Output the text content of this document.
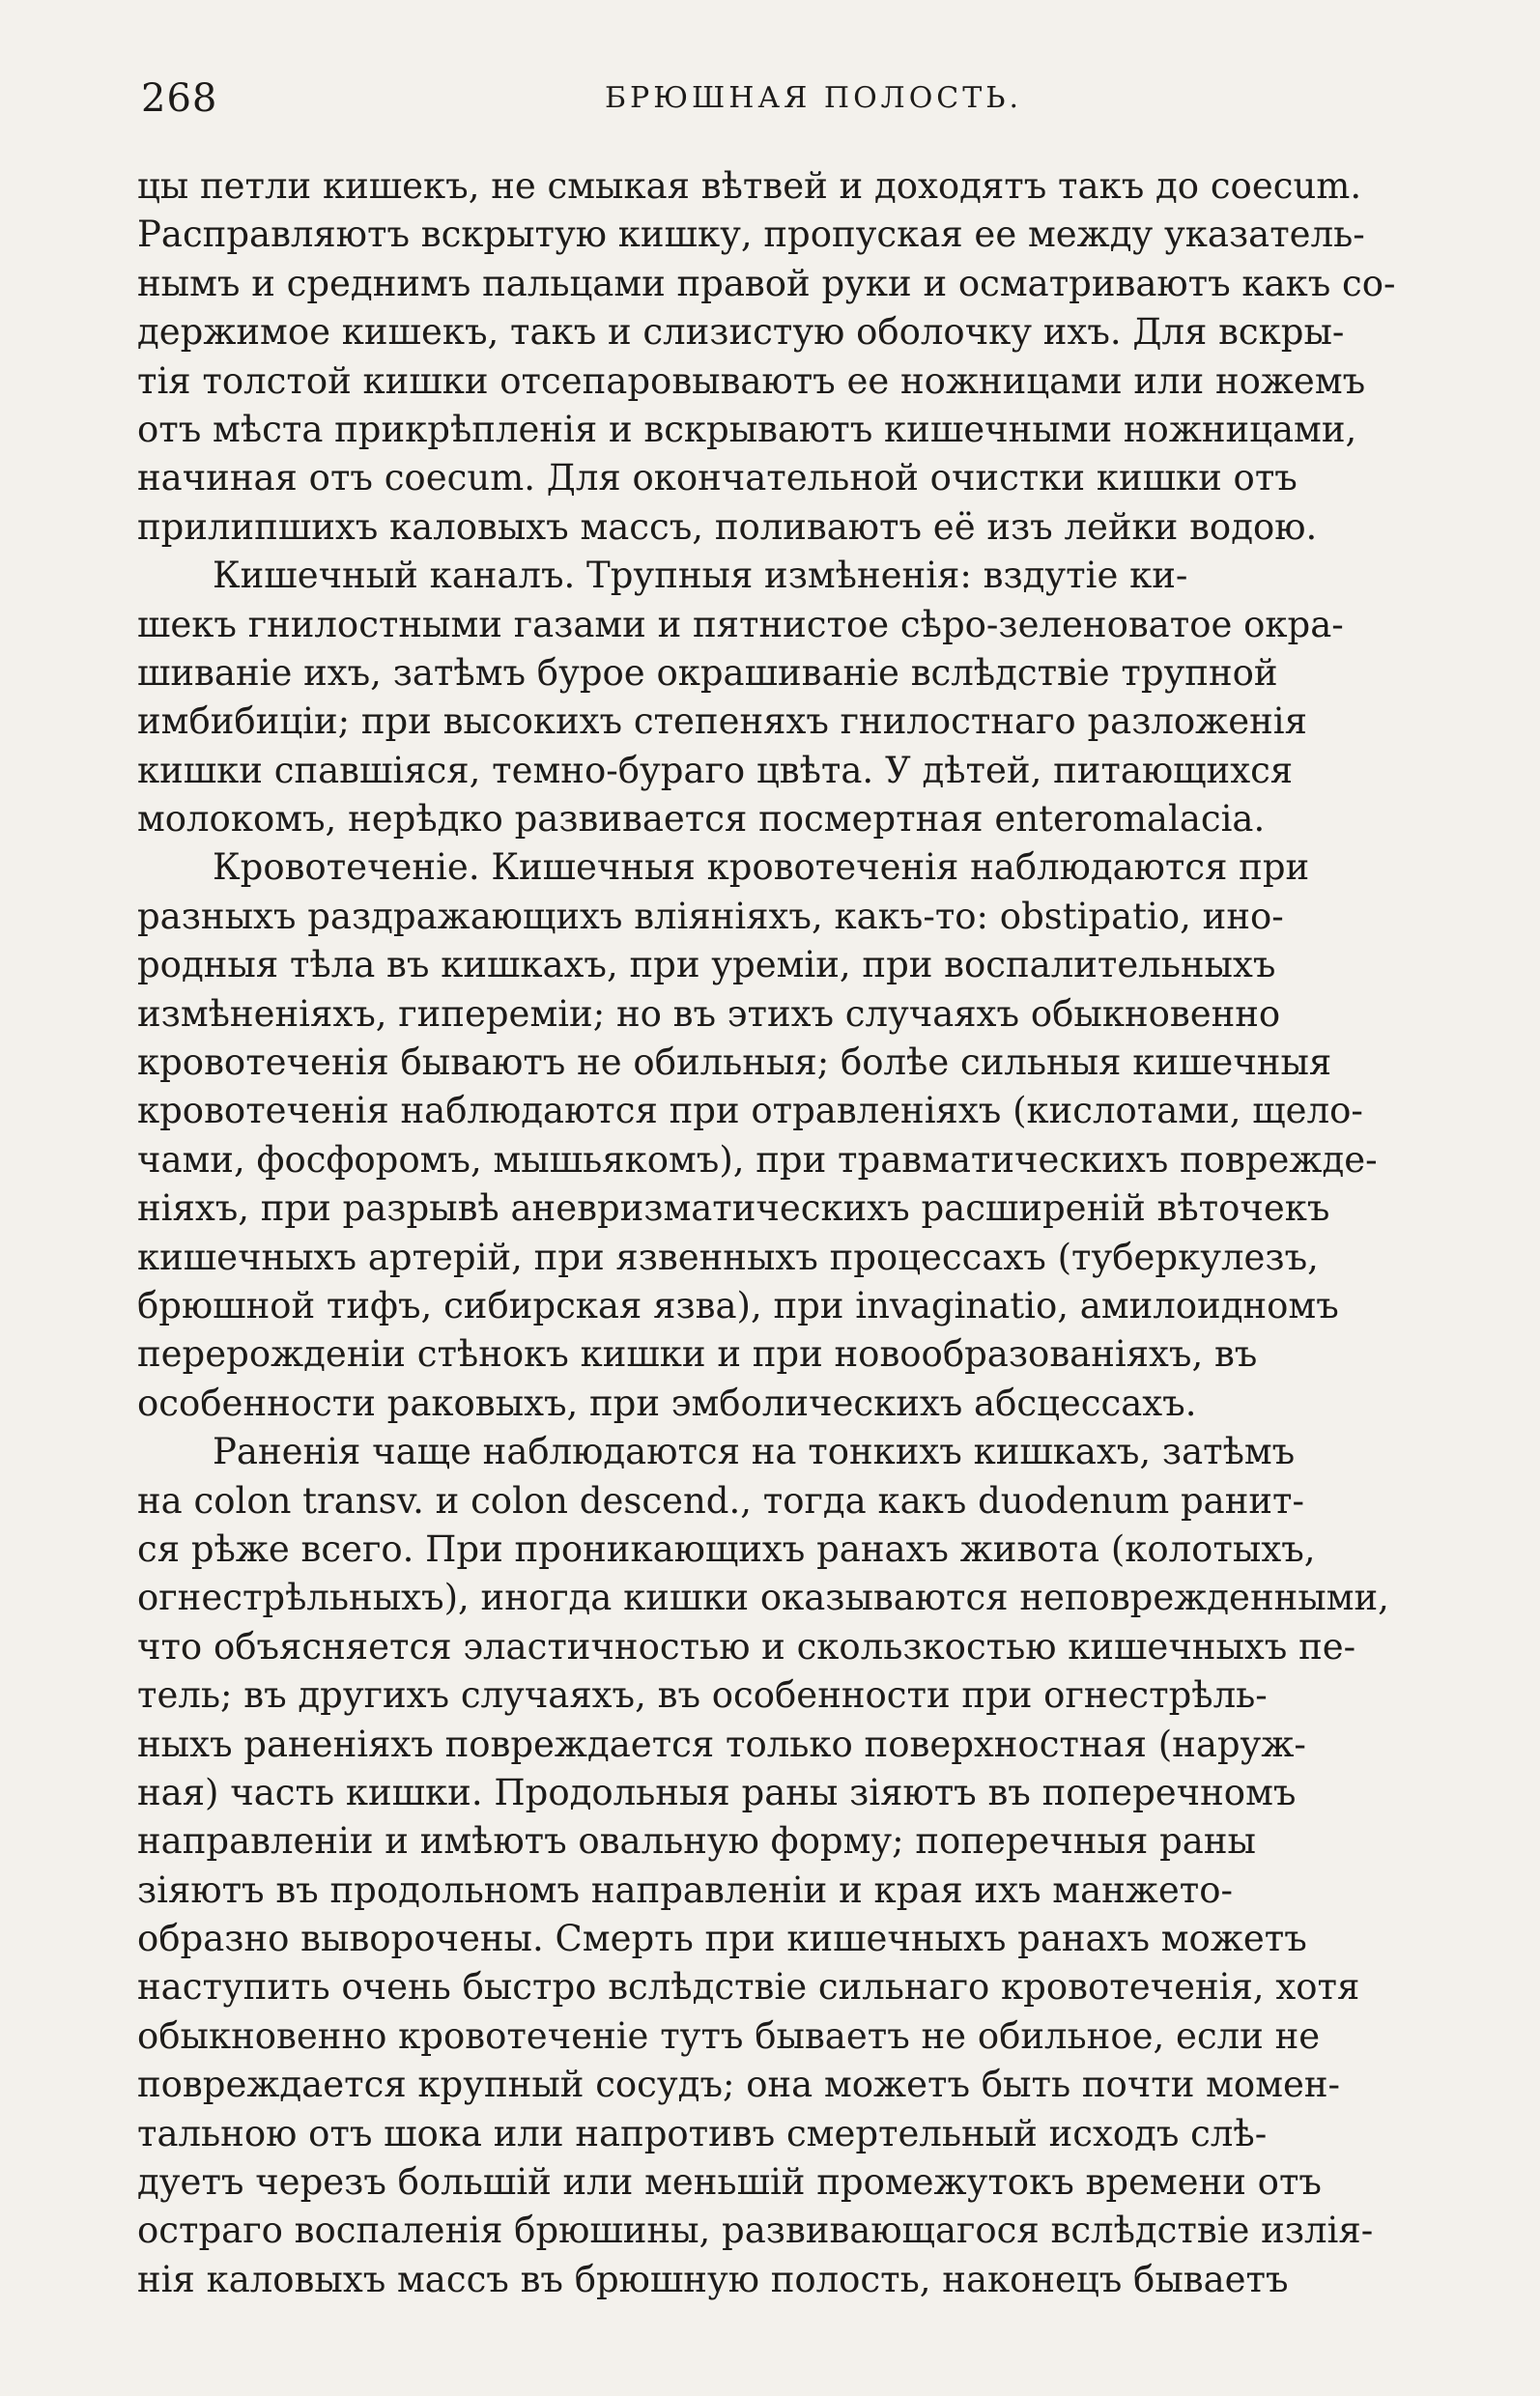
268	БРЮШНАЯ ПОЛОСТЬ.
цы петли кишекъ, не смыкая вѣтвей и доходятъ такъ до coecum.
Расправляютъ вскрытую кишку, пропуская ее между указатель-
нымъ и среднимъ пальцами правой руки и осматриваютъ какъ со-
держимое кишекъ, такъ и слизистую оболочку ихъ. Для вскры-
тія толстой кишки отсепаровываютъ ее ножницами или ножемъ
отъ мѣста прикрѣпленія и вскрываютъ кишечными ножницами,
начиная отъ coecum. Для окончательной очистки кишки отъ
прилипшихъ каловыхъ массъ, поливаютъ её изъ лейки водою.
Кишечный каналъ. Трупныя измѣненія: вздутіе ки-
шекъ гнилостными газами и пятнистое сѣро-зеленоватое окра-
шиваніе ихъ, затѣмъ бурое окрашиваніе вслѣдствіе трупной
имбибиціи; при высокихъ степеняхъ гнилостнаго разложенія
кишки спавшіяся, темно-бураго цвѣта. У дѣтей, питающихся
молокомъ, нерѣдко развивается посмертная enteromalacia.
Кровотеченіе. Кишечныя кровотеченія наблюдаются при
разныхъ раздражающихъ вліяніяхъ, какъ-то: obstipatio, ино-
родныя тѣла въ кишкахъ, при уреміи, при воспалительныхъ
измѣненіяхъ, гипереміи; но въ этихъ случаяхъ обыкновенно
кровотеченія бываютъ не обильныя; болѣе сильныя кишечныя
кровотеченія наблюдаются при отравленіяхъ (кислотами, щело-
чами, фосфоромъ, мышьякомъ), при травматическихъ поврежде-
ніяхъ, при разрывѣ аневризматическихъ расширеній вѣточекъ
кишечныхъ артерій, при язвенныхъ процессахъ (туберкулезъ,
брюшной тифъ, сибирская язва), при invaginatio, амилоидномъ
перерожденіи стѣнокъ кишки и при новообразованіяхъ, въ
особенности раковыхъ, при эмболическихъ абсцессахъ.
Раненія чаще наблюдаются на тонкихъ кишкахъ, затѣмъ
на colon transv. и colon descend., тогда какъ duodenum ранит-
ся рѣже всего. При проникающихъ ранахъ живота (колотыхъ,
огнестрѣльныхъ), иногда кишки оказываются неповрежденными,
что объясняется эластичностью и скользкостью кишечныхъ пе-
тель; въ другихъ случаяхъ, въ особенности при огнестрѣль-
ныхъ раненіяхъ повреждается только поверхностная (наруж-
ная) часть кишки. Продольныя раны зіяютъ въ поперечномъ
направленіи и имѣютъ овальную форму; поперечныя раны
зіяютъ въ продольномъ направленіи и края ихъ манжето-
образно выворочены. Смерть при кишечныхъ ранахъ можетъ
наступить очень быстро вслѣдствіе сильнаго кровотеченія, хотя
обыкновенно кровотеченіе тутъ бываетъ не обильное, если не
повреждается крупный сосудъ; она можетъ быть почти момен-
тальною отъ шока или напротивъ смертельный исходъ слѣ-
дуетъ черезъ большій или меньшій промежутокъ времени отъ
остраго воспаленія брюшины, развивающагося вслѣдствіе излія-
нія каловыхъ массъ въ брюшную полость, наконецъ бываетъ
